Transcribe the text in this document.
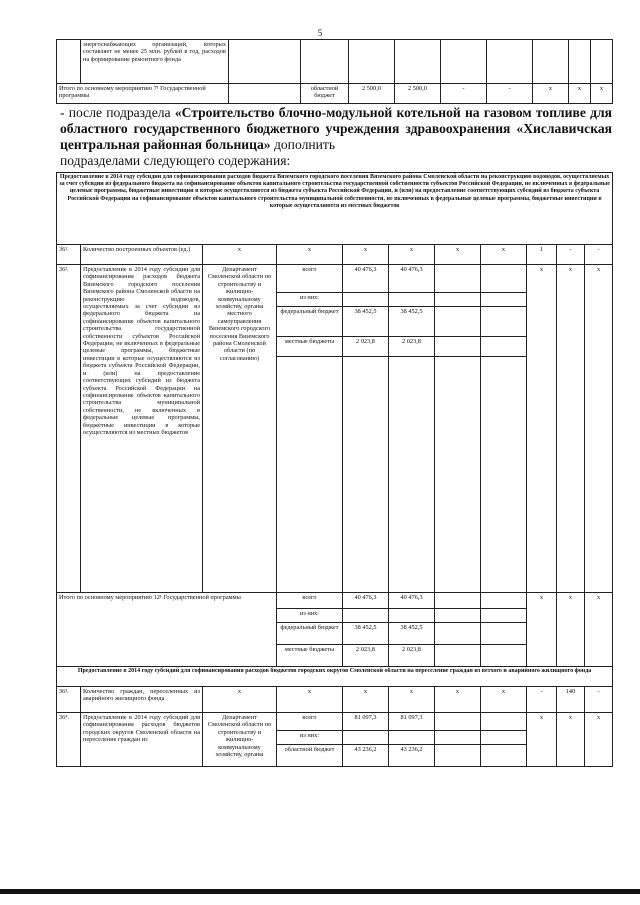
5
	энергоснабжающих организаций, которых составляет не менее 25 млн. рублей в год, расходов на формирование ремонтного фонда									
Итого по основному мероприятию 7¹ Государственной программы			областной бюджет	2 500,0	2 500,0	-	-	х	х	х
- после подраздела «Строительство блочно-модульной котельной на газовом топливе для областного государственного бюджетного учреждения здравоохранения «Хиславичская центральная районная больница» дополнить
подразделами следующего содержания:
Предоставление в 2014 году субсидии для софинансирования расходов бюджета Вяземского городского поселения Вяземского района Смоленской области на реконструкцию водоводов, осуществляемых за счет субсидии из федерального бюджета на софинансирование объектов капитального строительства государственной собственности субъектов Российской Федерации, не включенных в федеральные целевые программы, бюджетные инвестиции в которые осуществляются из бюджета субъекта Российской Федерации, и (или) на предоставление соответствующих субсидий из бюджета субъекта Российской Федерации на софинансирование объектов капитального строительства муниципальной собственности, не включенных в федеральные целевые программы, бюджетные инвестиции в которые осуществляются из местных бюджетов										
36¹.	Количество построенных объектов (ед.)	х	х	х	х	х	х	1	-	-
36².	Предоставление в 2014 году субсидии для софинансирования расходов бюджета Вяземского городского поселения Вяземского района Смоленской области на реконструкцию водоводов, осуществляемых за счет субсидии из федерального бюджета на софинансирование объектов капитального строительства государственной собственности субъектов Российской Федерации, не включенных в федеральные целевые программы, бюджетные инвестиции в которые осуществляются из бюджета субъекта Российской Федерации, и (или) на предоставление соответствующих субсидий из бюджета субъекта Российской Федерации на софинансирование объектов капитального строительства муниципальной собственности, не включенных в федеральные целевые программы, бюджетные инвестиции в которые осуществляются из местных бюджетов	Департамент Смоленской области по строительству и жилищно-коммунальному хозяйству, органы местного самоуправления Вяземского городского поселения Вяземского района Смоленской области (по согласованию)	всего	40 476,3	40 476,3			х	х	х
			из них:							
			федеральный бюджет	38 452,5	38 452,5					
			местные бюджеты	2 023,8	2 023,8					

Итого по основному мероприятию 12¹ Государственной программы			всего	40 476,3	40 476,3			х	х	х
			из них:							
			федеральный бюджет	38 452,5	38 452,5					
			местные бюджеты	2 023,8	2 023,8					
Предоставление в 2014 году субсидий для софинансирования расходов бюджетов городских округов Смоленской области на переселение граждан из ветхого и аварийного жилищного фонда										
36³.	Количество граждан, переселенных из аварийного жилищного фонда	х	х	х	х	х	х	-	140	-
36⁴.	Предоставление в 2014 году субсидий для софинансирования расходов бюджетов городских округов Смоленской области на переселение граждан из	Департамент Смоленской области по строительству и жилищно-коммунальному хозяйству, органы	всего	81 097,3	81 097,3			х	х	х
			из них:							
			областной бюджет	43 236,2	43 236,2					
